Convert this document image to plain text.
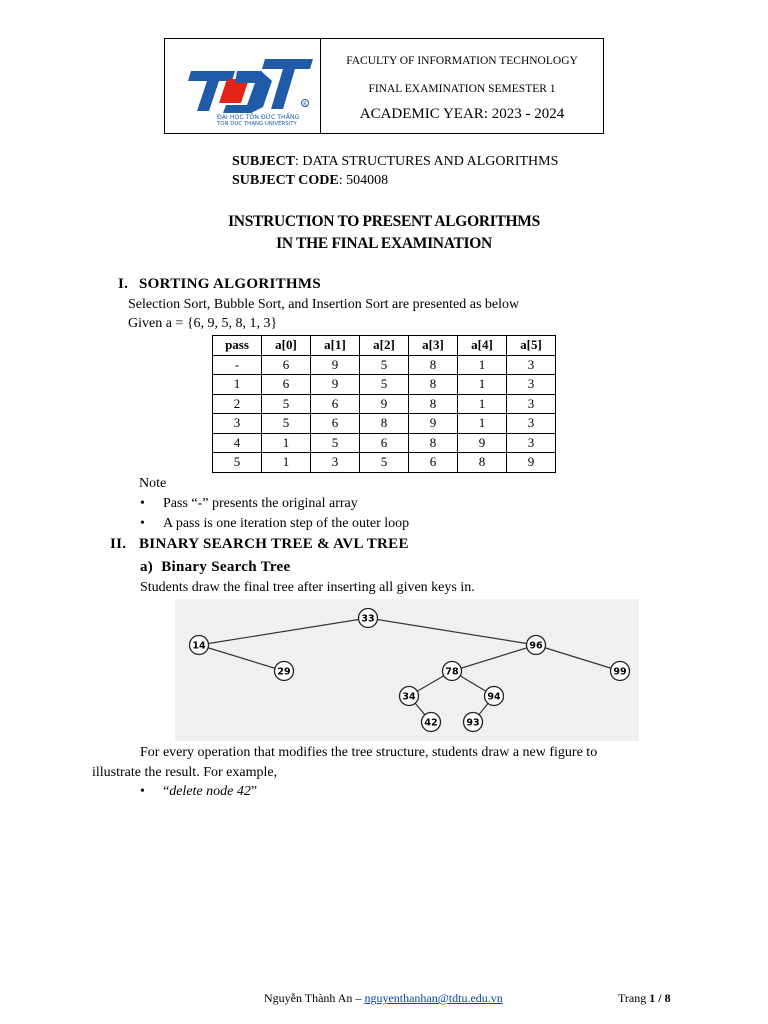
R
ĐẠI HỌC TÔN ĐỨC THẮNG
TON DUC THANG UNIVERSITY
FACULTY OF INFORMATION TECHNOLOGY
FINAL EXAMINATION SEMESTER 1
ACADEMIC YEAR: 2023 - 2024
SUBJECT: DATA STRUCTURES AND ALGORITHMS
SUBJECT CODE: 504008
INSTRUCTION TO PRESENT ALGORITHMS
IN THE FINAL EXAMINATION
I. SORTING ALGORITHMS
Selection Sort, Bubble Sort, and Insertion Sort are presented as below
Given a = {6, 9, 5, 8, 1, 3}
pass	a[0]	a[1]	a[2]	a[3]	a[4]	a[5]
-	6	9	5	8	1	3
1	6	9	5	8	1	3
2	5	6	9	8	1	3
3	5	6	8	9	1	3
4	1	5	6	8	9	3
5	1	3	5	6	8	9
Note
• Pass “-” presents the original array
• A pass is one iteration step of the outer loop
II. BINARY SEARCH TREE & AVL TREE
a)  Binary Search Tree
Students draw the final tree after inserting all given keys in.
33
14	96
29	78	99
34	94
42	93
For every operation that modifies the tree structure, students draw a new figure to
illustrate the result. For example,
• “delete node 42”
Nguyễn Thành An – nguyenthanhan@tdtu.edu.vn	Trang 1 / 8
